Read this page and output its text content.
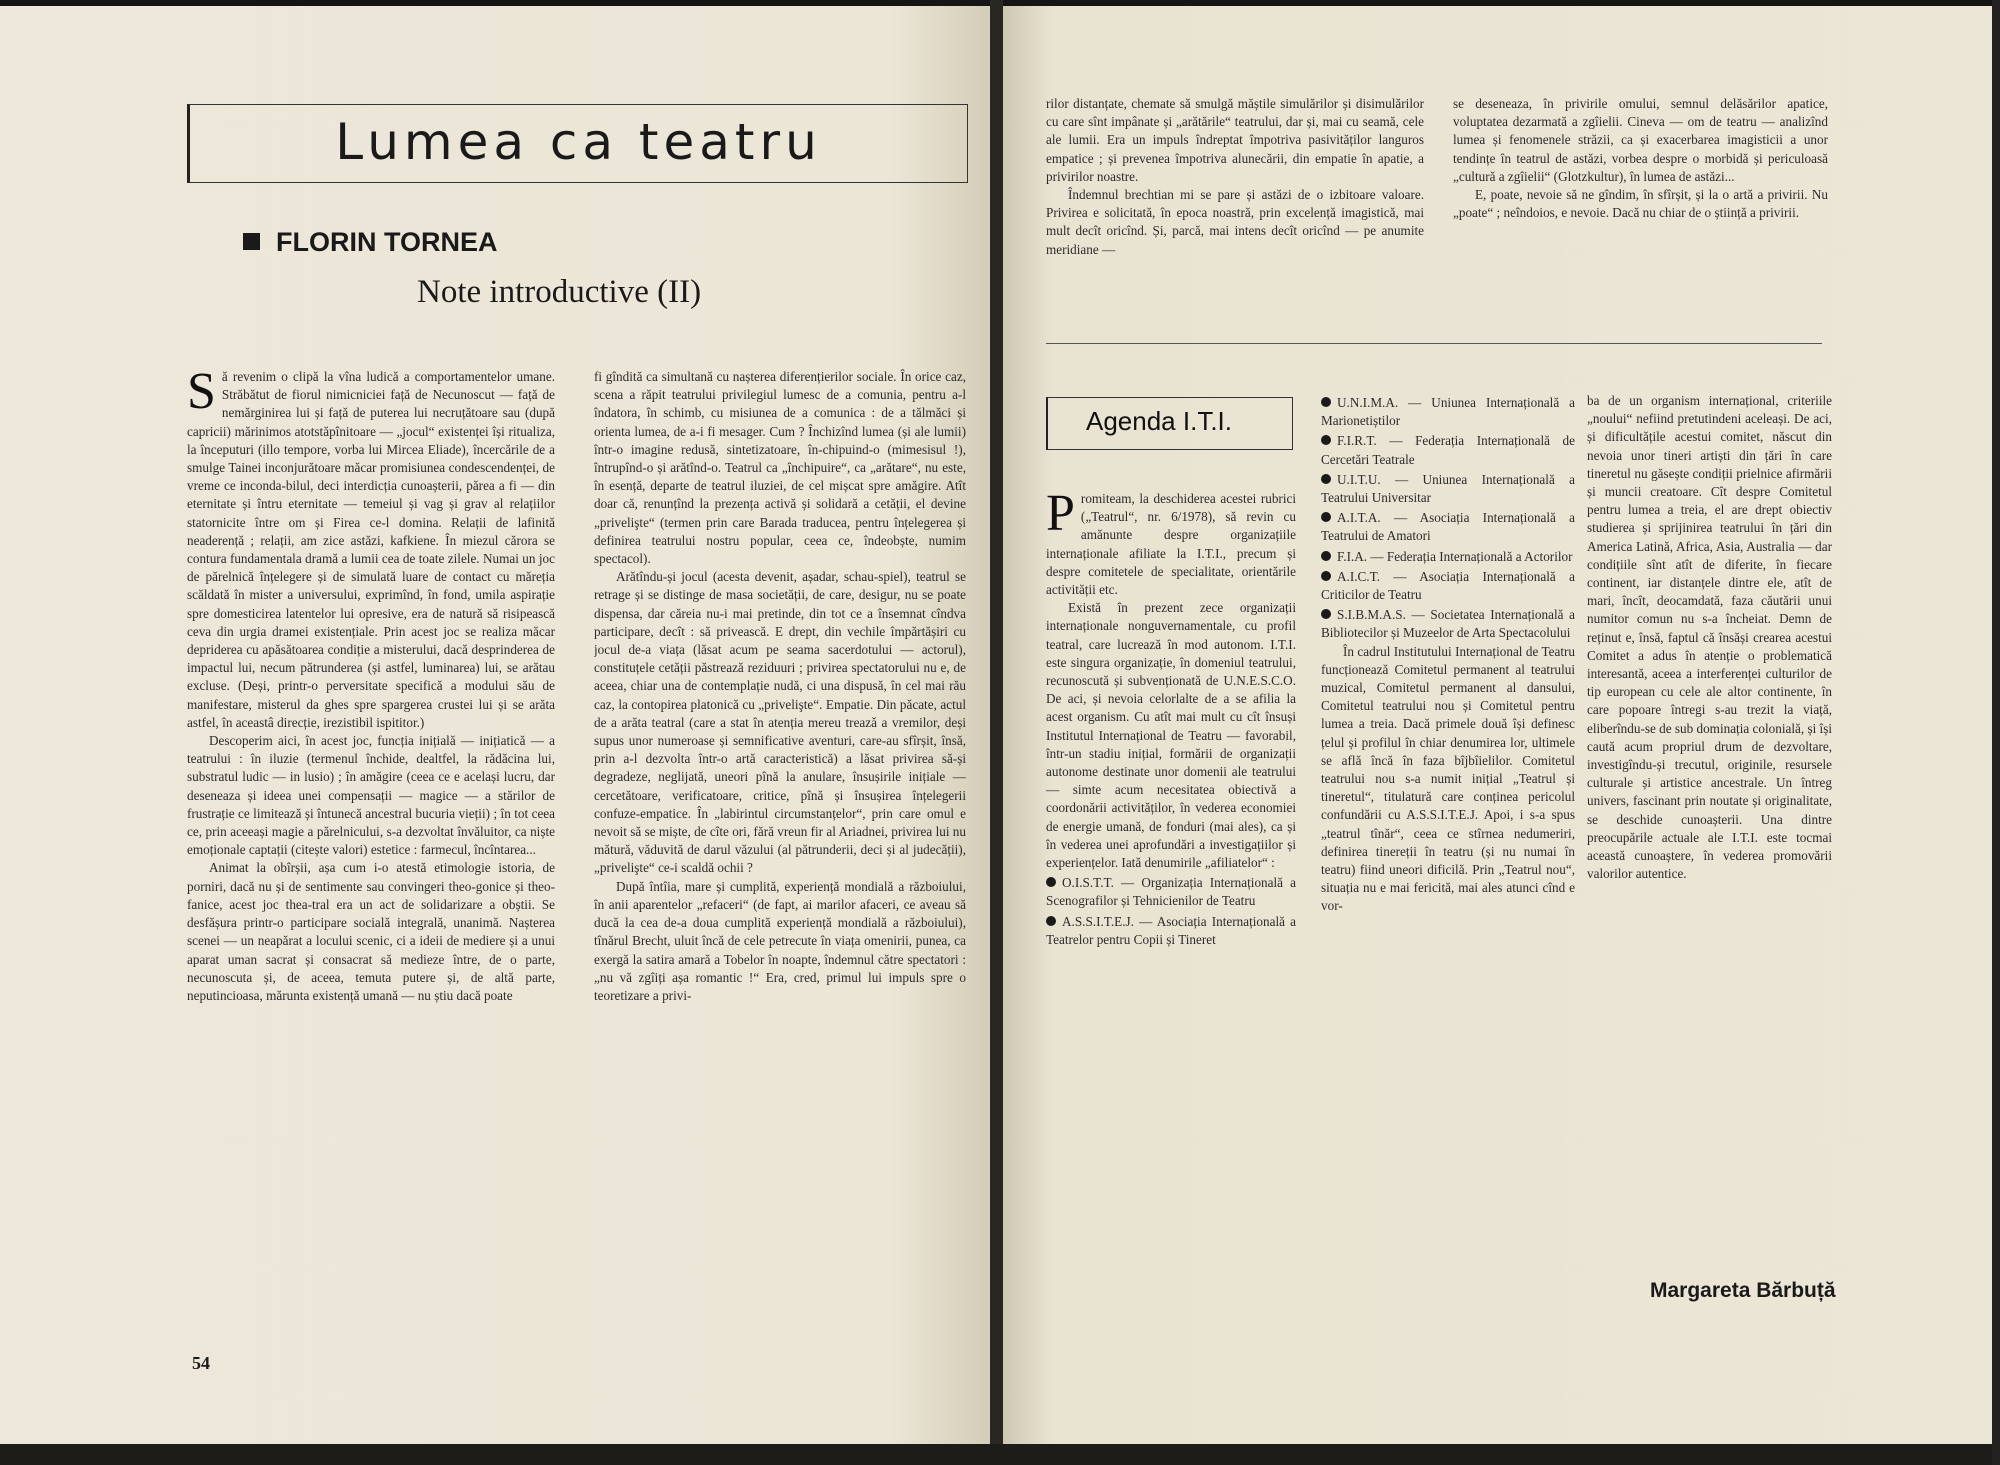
Lumea ca teatru
FLORIN TORNEA
Note introductive (II)
S ă revenim o clipă la vîna ludică a comportamentelor umane. Străbătut de fiorul nimicniciei față de Necunoscut — față de nemărginirea lui și față de puterea lui necruțătoare sau (după capricii) mărinimos atotstăpînitoare — „jocul“ existenței își ritualiza, la începuturi (illo tempore, vorba lui Mircea Eliade), încercările de a smulge Tainei inconjurătoare măcar promisiunea condescendenței, de vreme ce inconda-bilul, deci interdicția cunoașterii, părea a fi — din eternitate și întru eternitate — temeiul și vag și grav al relațiilor statornicite între om și Firea ce-l domina. Relații de lafinită neaderență ; relații, am zice astăzi, kafkiene. În miezul cărora se contura fundamentala dramă a lumii cea de toate zilele. Numai un joc de părelnică înțelegere și de simulată luare de contact cu măreția scăldată în mister a universului, exprimînd, în fond, umila aspirație spre domesticirea latentelor lui opresive, era de natură să risipească ceva din urgia dramei existențiale. Prin acest joc se realiza măcar depriderea cu apăsătoarea condiție a misterului, dacă desprinderea de impactul lui, necum pătrunderea (și astfel, luminarea) lui, se arătau excluse. (Deși, printr-o perversitate specifică a modului său de manifestare, misterul da ghes spre spargerea crustei lui și se arăta astfel, în aceastâ direcție, irezistibil ispititor.)

Descoperim aici, în acest joc, funcția inițială — inițiatică — a teatrului : în iluzie (termenul închide, dealtfel, la rădăcina lui, substratul ludic — in lusio) ; în amăgire (ceea ce e același lucru, dar deseneaza și ideea unei compensații — magice — a stărilor de frustrație ce limitează și întunecă ancestral bucuria vieții) ; în tot ceea ce, prin aceeași magie a părelnicului, s-a dezvoltat învăluitor, ca niște emoționale captații (citește valori) estetice : farmecul, încîntarea...

Animat la obîrșii, așa cum i-o atestă etimologie istoria, de porniri, dacă nu și de sentimente sau convingeri theo-gonice și theo-fanice, acest joc thea-tral era un act de solidarizare a obștii. Se desfășura printr-o participare socială integrală, unanimă. Nașterea scenei — un neapărat a locului scenic, ci a ideii de mediere și a unui aparat uman sacrat și consacrat să medieze între, de o parte, necunoscuta și, de aceea, temuta putere și, de altă parte, neputincioasa, mărunta existență umană — nu știu dacă poate

fi gîndită ca simultană cu nașterea diferențierilor sociale. În orice caz, scena a răpit teatrului privilegiul lumesc de a comunia, pentru a-l îndatora, în schimb, cu misiunea de a comunica : de a tălmăci și orienta lumea, de a-i fi mesager. Cum ? Închizînd lumea (și ale lumii) într-o imagine redusă, sintetizatoare, în-chipuind-o (mimesisul !), întrupînd-o și arătînd-o. Teatrul ca „închipuire“, ca „arătare“, nu este, în esență, departe de teatrul iluziei, de cel mișcat spre amăgire. Atît doar că, renunțînd la prezența activă și solidară a cetății, el devine „privelişte“ (termen prin care Barada traducea, pentru înțelegerea și definirea teatrului nostru popular, ceea ce, îndeobște, numim spectacol).

Arătîndu-și jocul (acesta devenit, așadar, schau-spiel), teatrul se retrage și se distinge de masa societății, de care, desigur, nu se poate dispensa, dar căreia nu-i mai pretinde, din tot ce a însemnat cîndva participare, decît : să privească. E drept, din vechile împărtășiri cu jocul de-a viața (lăsat acum pe seama sacerdotului — actorul), constituțele cetății păstrează reziduuri ; privirea spectatorului nu e, de aceea, chiar una de contemplație nudă, ci una dispusă, în cel mai rău caz, la contopirea platonică cu „privelişte“. Empatie. Din păcate, actul de a arăta teatral (care a stat în atenția mereu treazǎ a vremilor, deși supus unor numeroase și semnificative aventuri, care-au sfîrșit, însă, prin a-l dezvolta într-o artă caracteristică) a lăsat privirea să-și degradeze, neglijată, uneori pînă la anulare, însușirile inițiale — cercetătoare, verificatoare, critice, pînă și însușirea înțelegerii confuze-empatice. În „labirintul circumstanțelor“, prin care omul e nevoit să se miște, de cîte ori, fără vreun fir al Ariadnei, privirea lui nu mătură, văduvită de darul văzului (al pătrunderii, deci și al judecății), „privelişte“ ce-i scaldă ochii ?

După întîia, mare și cumplită, experiență mondială a războiului, în anii aparentelor „refaceri“ (de fapt, ai marilor afaceri, ce aveau să ducă la cea de-a doua cumplită experiență mondială a războiului), tînărul Brecht, uluit încă de cele petrecute în viața omenirii, punea, ca exergă la satira amară a Tobelor în noapte, îndemnul către spectatori : „nu vă zgîiți așa romantic !“ Era, cred, primul lui impuls spre o teoretizare a privi-

54

rilor distanțate, chemate să smulgă măștile simulărilor și disimulărilor cu care sînt impânate și „arătările“ teatrului, dar și, mai cu seamă, cele ale lumii. Era un impuls îndreptat împotriva pasivităților languros empatice ; și prevenea împotriva alunecării, din empatie în apatie, a privirilor noastre.

Îndemnul brechtian mi se pare și astăzi de o izbitoare valoare. Privirea e solicitată, în epoca noastră, prin excelență imagistică, mai mult decît oricînd. Și, parcă, mai intens decît oricînd — pe anumite meridiane —

se deseneaza, în privirile omului, semnul delăsărilor apatice, voluptatea dezarmată a zgîielii. Cineva — om de teatru — analizînd lumea și fenomenele străzii, ca și exacerbarea imagisticii a unor tendințe în teatrul de astăzi, vorbea despre o morbidă și periculoasă „cultură a zgîielii“ (Glotzkultur), în lumea de astăzi...

E, poate, nevoie să ne gîndim, în sfîrșit, și la o artă a privirii. Nu „poate“ ; neîndoios, e nevoie. Dacă nu chiar de o știință a privirii.

Agenda I.T.I.
P romiteam, la deschiderea acestei rubrici („Teatrul“, nr. 6/1978), să revin cu amănunte despre organizațiile internaționale afiliate la I.T.I., precum și despre comitetele de specialitate, orientările activității etc.

Există în prezent zece organizații internaționale nonguvernamentale, cu profil teatral, care lucrează în mod autonom. I.T.I. este singura organizație, în domeniul teatrului, recunoscută și subvenționată de U.N.E.S.C.O. De aci, și nevoia celorlalte de a se afilia la acest organism. Cu atît mai mult cu cît însuși Institutul Internațional de Teatru — favorabil, într-un stadiu inițial, formării de organizații autonome destinate unor domenii ale teatrului — simte acum necesitatea obiectivă a coordonării activităților, în vederea economiei de energie umană, de fonduri (mai ales), ca și în vederea unei aprofundări a investigațiilor și experiențelor. Iată denumirile „afiliatelor“ :

O.I.S.T.T. — Organizația Internațională a Scenografilor și Tehnicienilor de Teatru

A.S.S.I.T.E.J. — Asociația Internațională a Teatrelor pentru Copii și Tineret

U.N.I.M.A. — Uniunea Internațională a Marionetiștilor

F.I.R.T. — Federația Internațională de Cercetări Teatrale

U.I.T.U. — Uniunea Internațională a Teatrului Universitar

A.I.T.A. — Asociația Internațională a Teatrului de Amatori

F.I.A. — Federația Internațională a Actorilor

A.I.C.T. — Asociația Internațională a Criticilor de Teatru

S.I.B.M.A.S. — Societatea Internațională a Bibliotecilor și Muzeelor de Arta Spectacolului

În cadrul Institutului Internațional de Teatru funcționează Comitetul permanent al teatrului muzical, Comitetul permanent al dansului, Comitetul teatrului nou și Comitetul pentru lumea a treia. Dacă primele două își definesc țelul și profilul în chiar denumirea lor, ultimele se află încă în faza bîjbîielilor. Comitetul teatrului nou s-a numit inițial „Teatrul și tineretul“, titulatură care conținea pericolul confundării cu A.S.S.I.T.E.J. Apoi, i s-a spus „teatrul tînăr“, ceea ce stîrnea nedumeriri, definirea tinereții în teatru (și nu numai în teatru) fiind uneori dificilă. Prin „Teatrul nou“, situația nu e mai fericită, mai ales atunci cînd e vor-

ba de un organism internațional, criteriile „noului“ nefiind pretutindeni aceleași. De aci, și dificultățile acestui comitet, născut din nevoia unor tineri artiști din țări în care tineretul nu găsește condiții prielnice afirmării și muncii creatoare. Cît despre Comitetul pentru lumea a treia, el are drept obiectiv studierea și sprijinirea teatrului în țări din America Latină, Africa, Asia, Australia — dar condițiile sînt atît de diferite, în fiecare continent, iar distanțele dintre ele, atît de mari, încît, deocamdată, faza căutării unui numitor comun nu s-a încheiat. Demn de reținut e, însă, faptul că însăși crearea acestui Comitet a adus în atenție o problematică interesantă, aceea a interferenței culturilor de tip european cu cele ale altor continente, în care popoare întregi s-au trezit la viață, eliberîndu-se de sub dominația colonială, și își caută acum propriul drum de dezvoltare, investigîndu-și trecutul, originile, resursele culturale și artistice ancestrale. Un întreg univers, fascinant prin noutate și originalitate, se deschide cunoașterii. Una dintre preocupările actuale ale I.T.I. este tocmai această cunoaștere, în vederea promovării valorilor autentice.

Margareta Bărbuță
